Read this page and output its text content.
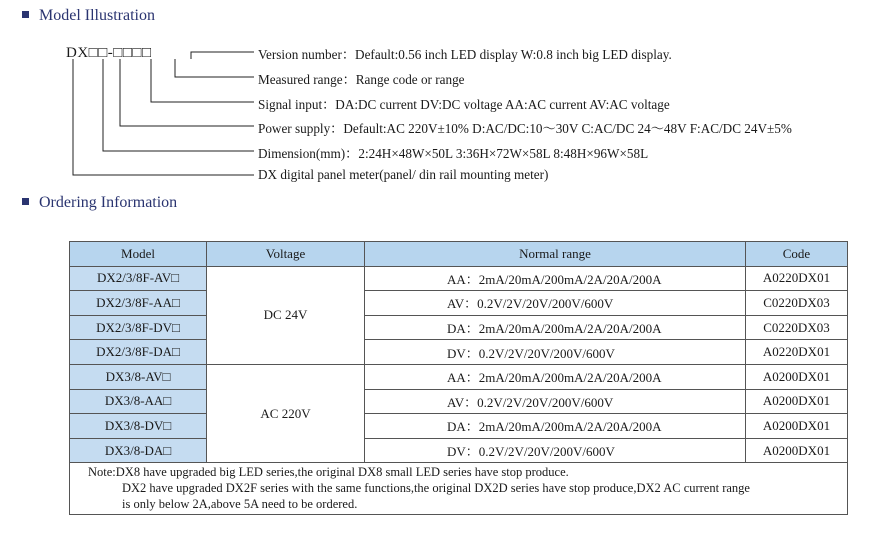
Model Illustration
DX□□-□□□□	Version number：Default:0.56 inch LED display W:0.8 inch big LED display.
Measured range：Range code or range
Signal input：DA:DC current DV:DC voltage AA:AC current AV:AC voltage
Power supply：Default:AC 220V±10% D:AC/DC:10～30V C:AC/DC 24～48V F:AC/DC 24V±5%
Dimension(mm)：2:24H×48W×50L 3:36H×72W×58L 8:48H×96W×58L
DX digital panel meter(panel/ din rail mounting meter)
Ordering Information
Model	Voltage	Normal range	Code
DX2/3/8F-AV□	DC 24V	AA：2mA/20mA/200mA/2A/20A/200A	A0220DX01
DX2/3/8F-AA□		AV：0.2V/2V/20V/200V/600V	C0220DX03
DX2/3/8F-DV□		DA：2mA/20mA/200mA/2A/20A/200A	C0220DX03
DX2/3/8F-DA□		DV：0.2V/2V/20V/200V/600V	A0220DX01
DX3/8-AV□	AC 220V	AA：2mA/20mA/200mA/2A/20A/200A	A0200DX01
DX3/8-AA□		AV：0.2V/2V/20V/200V/600V	A0200DX01
DX3/8-DV□		DA：2mA/20mA/200mA/2A/20A/200A	A0200DX01
DX3/8-DA□		DV：0.2V/2V/20V/200V/600V	A0200DX01
Note:DX8 have upgraded big LED series,the original DX8 small LED series have stop produce.
DX2 have upgraded DX2F series with the same functions,the original DX2D series have stop produce,DX2 AC current range
is only below 2A,above 5A need to be ordered.			
